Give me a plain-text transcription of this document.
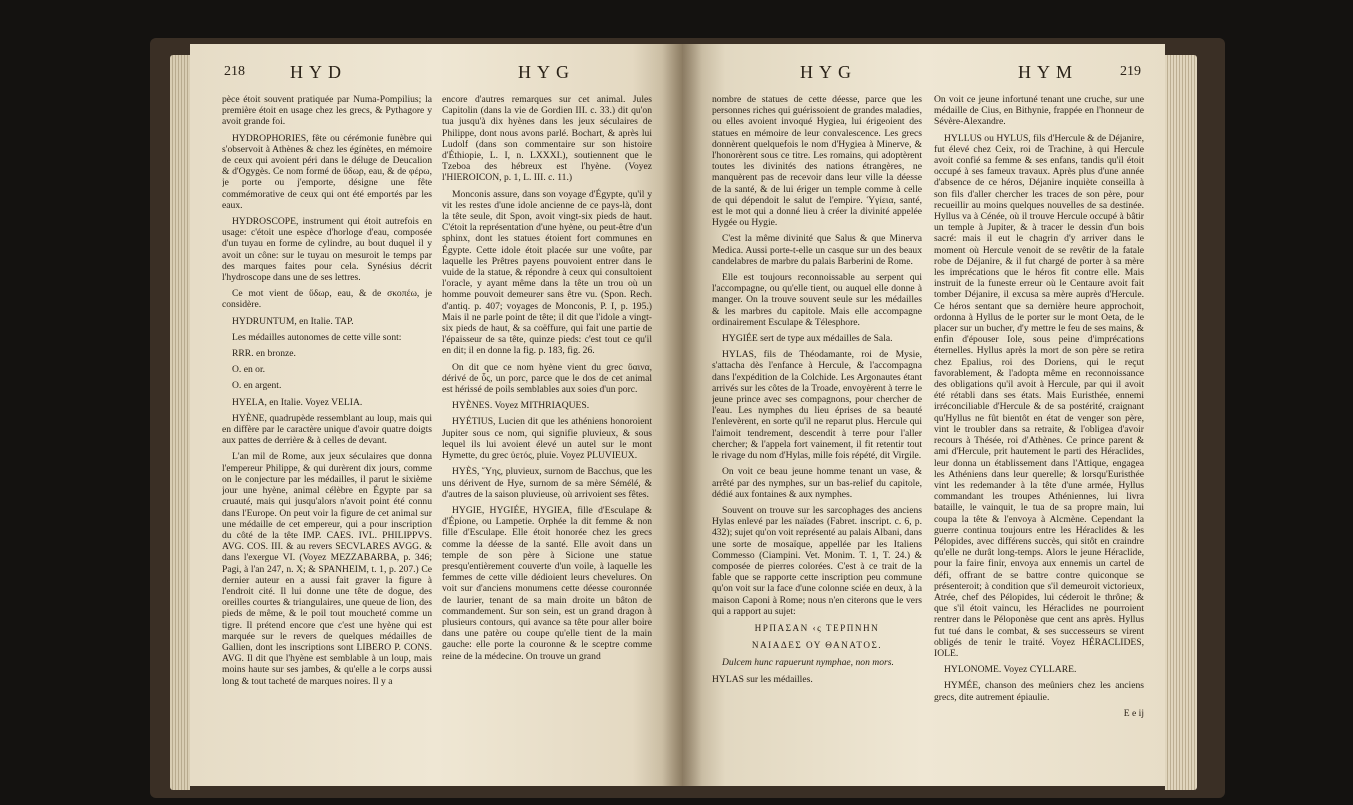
218	HYD	HYG

pèce étoit souvent pratiquée par Numa-Pompilius; la première étoit en usage chez les grecs, & Pythagore y avoit grande foi.

HYDROPHORIES, fête ou cérémonie funèbre qui s'observoit à Athènes & chez les égínètes, en mémoire de ceux qui avoient péri dans le déluge de Deucalion & d'Ogygès. Ce nom formé de ὕδωρ, eau, & de φέρω, je porte ou j'emporte, désigne une fête commémorative de ceux qui ont été emportés par les eaux.

HYDROSCOPE, instrument qui étoit autrefois en usage: c'étoit une espèce d'horloge d'eau, composée d'un tuyau en forme de cylindre, au bout duquel il y avoit un cône: sur le tuyau on mesuroit le temps par des marques faites pour cela. Synésius décrit l'hydroscope dans une de ses lettres.

Ce mot vient de ὕδωρ, eau, & de σκοπέω, je considère.

HYDRUNTUM, en Italie. TAP.

Les médailles autonomes de cette ville sont:

RRR. en bronze.

O. en or.

O. en argent.

HYELA, en Italie. Voyez VELIA.

HYÈNE, quadrupède ressemblant au loup, mais qui en diffère par le caractère unique d'avoir quatre doigts aux pattes de derrière & à celles de devant.

L'an mil de Rome, aux jeux séculaires que donna l'empereur Philippe, & qui durèrent dix jours, comme on le conjecture par les médailles, il parut le sixième jour une hyène, animal célèbre en Égypte par sa cruauté, mais qui jusqu'alors n'avoit point été connu dans l'Europe. On peut voir la figure de cet animal sur une médaille de cet empereur, qui a pour inscription du côté de la tête IMP. CAES. IVL. PHILIPPVS. AVG. COS. III. & au revers SECVLARES AVGG. & dans l'exergue VI. (Voyez MEZZABARBA, p. 346; Pagi, à l'an 247, n. X; & SPANHEIM, t. 1, p. 207.) Ce dernier auteur en a aussi fait graver la figure à l'endroit cité. Il lui donne une tête de dogue, des oreilles courtes & triangulaires, une queue de lion, des pieds de même, & le poil tout moucheté comme un tigre. Il prétend encore que c'est une hyène qui est marquée sur le revers de quelques médailles de Gallien, dont les inscriptions sont LIBERO P. CONS. AVG. Il dit que l'hyène est semblable à un loup, mais moins haute sur ses jambes, & qu'elle a le corps aussi long & tout tacheté de marques noires. Il y a

encore d'autres remarques sur cet animal. Jules Capitolin (dans la vie de Gordien III. c. 33.) dit qu'on tua jusqu'à dix hyènes dans les jeux séculaires de Philippe, dont nous avons parlé. Bochart, & après lui Ludolf (dans son commentaire sur son histoire d'Éthiopie, L. I, n. LXXXI.), soutiennent que le Tzeboa des hébreux est l'hyène. (Voyez l'HIEROICON, p. 1, L. III. c. 11.)

Monconis assure, dans son voyage d'Égypte, qu'il y vit les restes d'une idole ancienne de ce pays-là, dont la tête seule, dit Spon, avoit vingt-six pieds de haut. C'étoit la représentation d'une hyène, ou peut-être d'un sphinx, dont les statues étoient fort communes en Égypte. Cette idole étoit placée sur une voûte, par laquelle les Prêtres payens pouvoient entrer dans le vuide de la statue, & répondre à ceux qui consultoient l'oracle, y ayant même dans la tête un trou où un homme pouvoit demeurer sans être vu. (Spon. Rech. d'antiq. p. 407; voyages de Monconis, P. I, p. 195.) Mais il ne parle point de tête; il dit que l'idole a vingt-six pieds de haut, & sa coëffure, qui fait une partie de l'épaisseur de sa tête, quinze pieds: c'est tout ce qu'il en dit; il en donne la fig. p. 183, fig. 26.

On dit que ce nom hyène vient du grec ὕαινα, dérivé de ὗς, un porc, parce que le dos de cet animal est hérissé de poils semblables aux soies d'un porc.

HYÈNES. Voyez MITHRIAQUES.

HYÉTIUS, Lucien dit que les athéniens honoroient Jupiter sous ce nom, qui signifie pluvieux, & sous lequel ils lui avoient élevé un autel sur le mont Hymette, du grec ὑετός, pluie. Voyez PLUVIEUX.

HYÈS, Ὕης, pluvieux, surnom de Bacchus, que les uns dérivent de Hye, surnom de sa mère Sémélé, & d'autres de la saison pluvieuse, où arrivoient ses fêtes.

HYGIE, HYGIÉE, HYGIEA, fille d'Esculape & d'Épione, ou Lampetie. Orphée la dit femme & non fille d'Esculape. Elle étoit honorée chez les grecs comme la déesse de la santé. Elle avoit dans un temple de son père à Sicione une statue presqu'entièrement couverte d'un voile, à laquelle les femmes de cette ville dédioient leurs chevelures. On voit sur d'anciens monumens cette déesse couronnée de laurier, tenant de sa main droite un bâton de commandement. Sur son sein, est un grand dragon à plusieurs contours, qui avance sa tête pour aller boire dans une patère ou coupe qu'elle tient de la main gauche: elle porte la couronne & le sceptre comme reine de la médecine. On trouve un grand

HYG	HYM	219

nombre de statues de cette déesse, parce que les personnes riches qui guérissoient de grandes maladies, ou elles avoient invoqué Hygiea, lui érigeoient des statues en mémoire de leur convalescence. Les grecs donnèrent quelquefois le nom d'Hygiea à Minerve, & l'honorèrent sous ce titre. Les romains, qui adoptèrent toutes les divinités des nations étrangères, ne manquèrent pas de recevoir dans leur ville la déesse de la santé, & de lui ériger un temple comme à celle de qui dépendoit le salut de l'empire. Ὑγίεια, santé, est le mot qui a donné lieu à créer la divinité appelée Hygée ou Hygie.

C'est la même divinité que Salus & que Minerva Medica. Aussi porte-t-elle un casque sur un des beaux candelabres de marbre du palais Barberini de Rome.

Elle est toujours reconnoissable au serpent qui l'accompagne, ou qu'elle tient, ou auquel elle donne à manger. On la trouve souvent seule sur les médailles & les marbres du capitole. Mais elle accompagne ordinairement Esculape & Télesphore.

HYGIÉE sert de type aux médailles de Sala.

HYLAS, fils de Théodamante, roi de Mysie, s'attacha dès l'enfance à Hercule, & l'accompagna dans l'expédition de la Colchide. Les Argonautes étant arrivés sur les côtes de la Troade, envoyèrent à terre le jeune prince avec ses compagnons, pour chercher de l'eau. Les nymphes du lieu éprises de sa beauté l'enlevèrent, en sorte qu'il ne reparut plus. Hercule qui l'aimoit tendrement, descendit à terre pour l'aller chercher; & l'appela fort vainement, il fit retentir tout le rivage du nom d'Hylas, mille fois répété, dit Virgile.

On voit ce beau jeune homme tenant un vase, & arrêté par des nymphes, sur un bas-relief du capitole, dédié aux fontaines & aux nymphes.

Souvent on trouve sur les sarcophages des anciens Hylas enlevé par les naïades (Fabret. inscript. c. 6, p. 432); sujet qu'on voit représenté au palais Albani, dans une sorte de mosaïque, appellée par les Italiens Commesso (Ciampini. Vet. Monim. T. 1, T. 24.) & composée de pierres colorées. C'est à ce trait de la fable que se rapporte cette inscription peu commune qu'on voit sur la face d'une colonne sciée en deux, à la maison Caponi à Rome; nous n'en citerons que le vers qui a rapport au sujet:

ΗΡΠΑΣΑΝ ‹ς ΤΕΡΠΝΗΝ
ΝΑΙΑΔΕΣ ΟΥ ΘΑΝΑΤΟΣ.

Dulcem hunc rapuerunt nymphae, non mors.

HYLAS sur les médailles.

On voit ce jeune infortuné tenant une cruche, sur une médaille de Cius, en Bithynie, frappée en l'honneur de Sévère-Alexandre.

HYLLUS ou HYLUS, fils d'Hercule & de Déjanire, fut élevé chez Ceix, roi de Trachine, à qui Hercule avoit confié sa femme & ses enfans, tandis qu'il étoit occupé à ses fameux travaux. Après plus d'une année d'absence de ce héros, Déjanire inquiète conseilla à son fils d'aller chercher les traces de son père, pour recueillir au moins quelques nouvelles de sa destinée. Hyllus va à Cénée, où il trouve Hercule occupé à bâtir un temple à Jupiter, & à tracer le dessin d'un bois sacré: mais il eut le chagrin d'y arriver dans le moment où Hercule venoit de se revêtir de la fatale robe de Déjanire, & il fut chargé de porter à sa mère les imprécations que le héros fit contre elle. Mais instruit de la funeste erreur où le Centaure avoit fait tomber Déjanire, il excusa sa mère auprès d'Hercule. Ce héros sentant que sa dernière heure approchoit, ordonna à Hyllus de le porter sur le mont Oeta, de le placer sur un bucher, d'y mettre le feu de ses mains, & enfin d'épouser Iole, sous peine d'imprécations éternelles. Hyllus après la mort de son père se retira chez Epalius, roi des Doriens, qui le reçut favorablement, & l'adopta même en reconnoissance des obligations qu'il avoit à Hercule, par qui il avoit été rétabli dans ses états. Mais Euristhée, ennemi irréconciliable d'Hercule & de sa postérité, craignant qu'Hyllus ne fût bientôt en état de venger son père, vint le troubler dans sa retraite, & l'obligea d'avoir recours à Thésée, roi d'Athènes. Ce prince parent & ami d'Hercule, prit hautement le parti des Héraclides, leur donna un établissement dans l'Attique, engagea les Athéniens dans leur querelle; & lorsqu'Euristhée vint les redemander à la tête d'une armée, Hyllus commandant les troupes Athéniennes, lui livra bataille, le vainquit, le tua de sa propre main, lui coupa la tête & l'envoya à Alcmène. Cependant la guerre continua toujours entre les Héraclides & les Pélopides, avec différens succès, qui sitôt en craindre qu'elle ne durât long-temps. Alors le jeune Héraclide, pour la faire finir, envoya aux ennemis un cartel de défi, offrant de se battre contre quiconque se présenteroit; à condition que s'il demeuroit victorieux, Atrée, chef des Pélopides, lui céderoit le thrône; & que s'il étoit vaincu, les Héraclides ne pourroient rentrer dans le Péloponèse que cent ans après. Hyllus fut tué dans le combat, & ses successeurs se virent obligés de tenir le traité. Voyez HÉRACLIDES, IOLE.

HYLONOME. Voyez CYLLARE.

HYMÉE, chanson des meûniers chez les anciens grecs, dite autrement épiaulie.

E e ij
